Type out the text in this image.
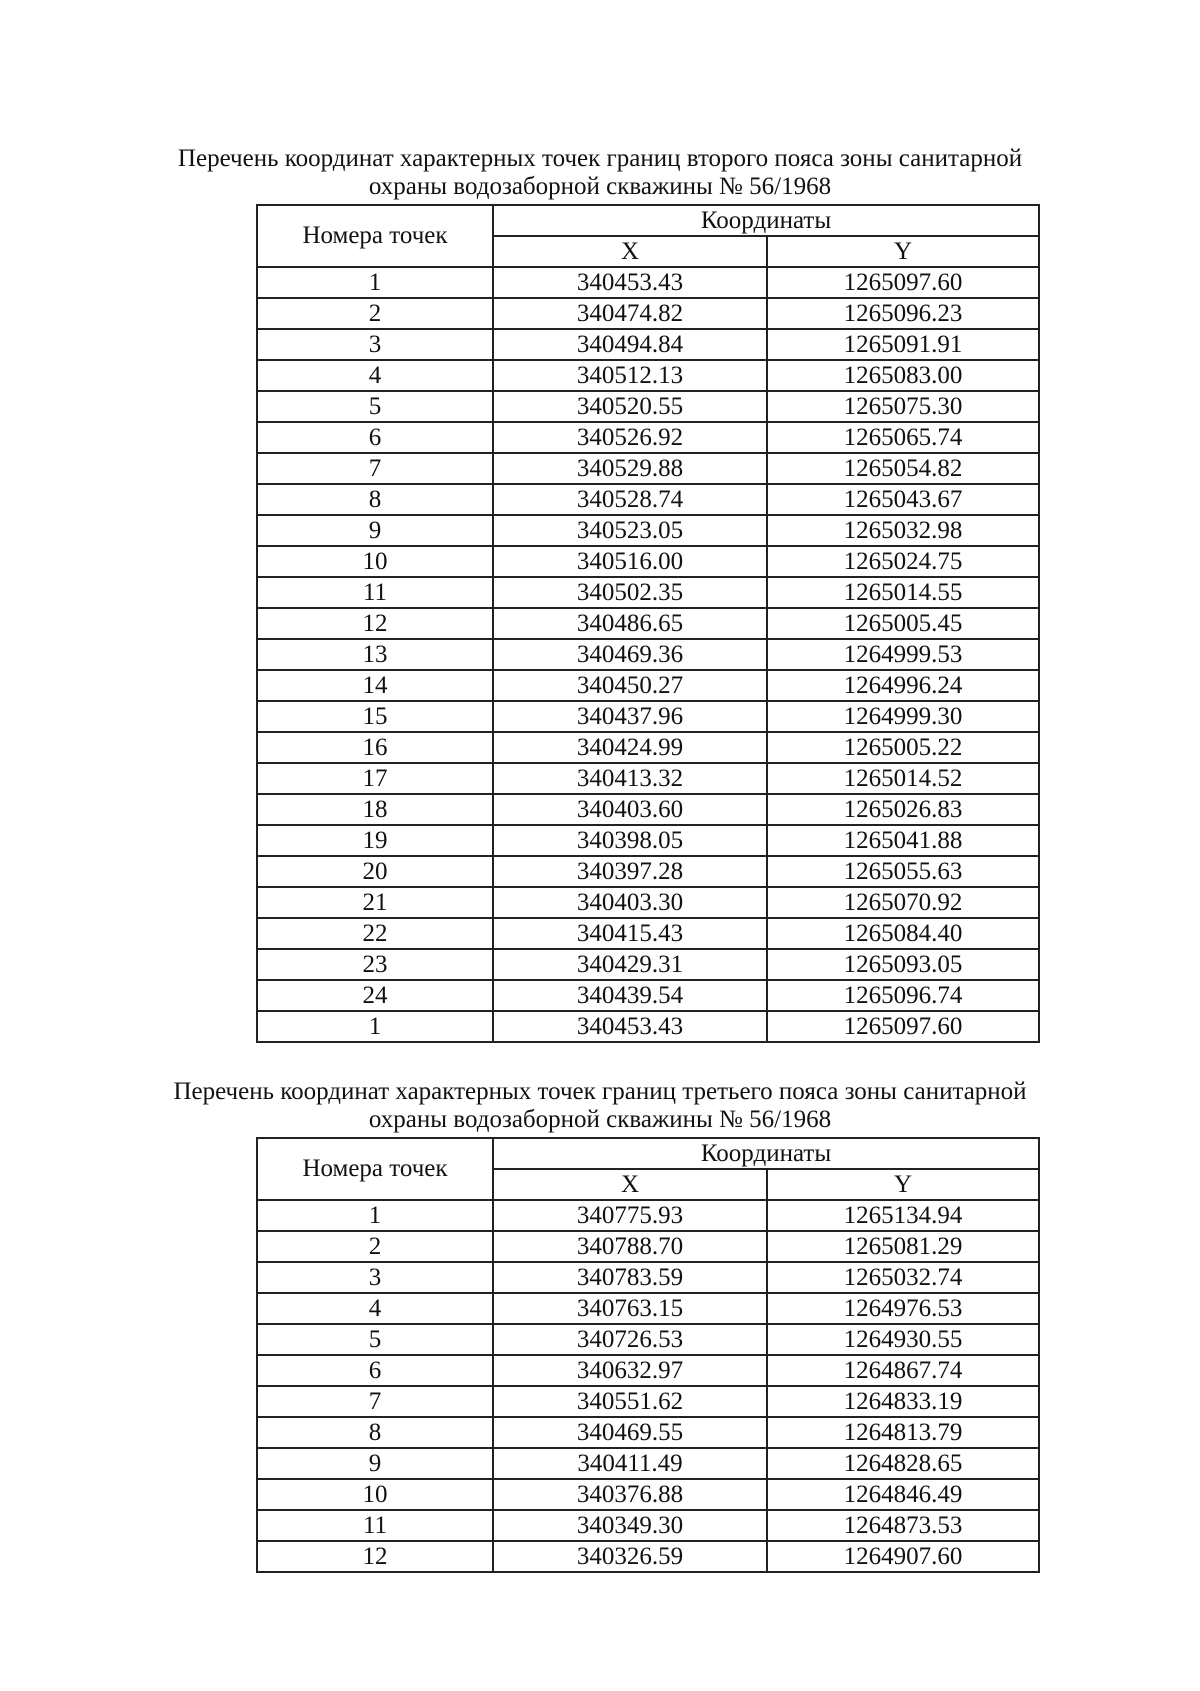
Перечень координат характерных точек границ второго пояса зоны санитарной
охраны водозаборной скважины № 56/1968
Номера точек	Координаты	
	X	Y
1	340453.43	1265097.60
2	340474.82	1265096.23
3	340494.84	1265091.91
4	340512.13	1265083.00
5	340520.55	1265075.30
6	340526.92	1265065.74
7	340529.88	1265054.82
8	340528.74	1265043.67
9	340523.05	1265032.98
10	340516.00	1265024.75
11	340502.35	1265014.55
12	340486.65	1265005.45
13	340469.36	1264999.53
14	340450.27	1264996.24
15	340437.96	1264999.30
16	340424.99	1265005.22
17	340413.32	1265014.52
18	340403.60	1265026.83
19	340398.05	1265041.88
20	340397.28	1265055.63
21	340403.30	1265070.92
22	340415.43	1265084.40
23	340429.31	1265093.05
24	340439.54	1265096.74
1	340453.43	1265097.60
Перечень координат характерных точек границ третьего пояса зоны санитарной
охраны водозаборной скважины № 56/1968
Номера точек	Координаты	
	X	Y
1	340775.93	1265134.94
2	340788.70	1265081.29
3	340783.59	1265032.74
4	340763.15	1264976.53
5	340726.53	1264930.55
6	340632.97	1264867.74
7	340551.62	1264833.19
8	340469.55	1264813.79
9	340411.49	1264828.65
10	340376.88	1264846.49
11	340349.30	1264873.53
12	340326.59	1264907.60
